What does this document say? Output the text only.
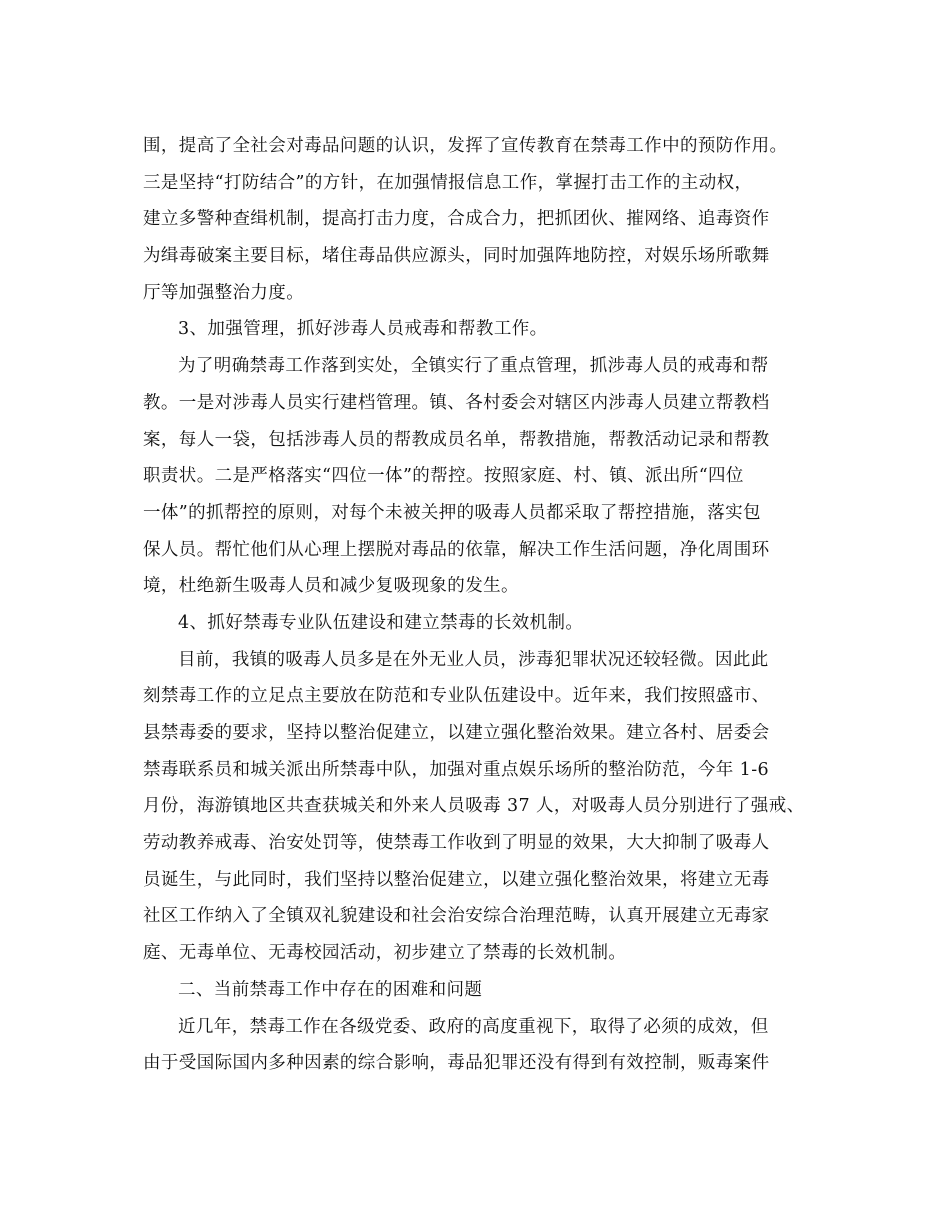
围，提高了全社会对毒品问题的认识，发挥了宣传教育在禁毒工作中的预防作用。
三是坚持“打防结合”的方针，在加强情报信息工作，掌握打击工作的主动权，
建立多警种查缉机制，提高打击力度，合成合力，把抓团伙、摧网络、追毒资作
为缉毒破案主要目标，堵住毒品供应源头，同时加强阵地防控，对娱乐场所歌舞
厅等加强整治力度。
3、加强管理，抓好涉毒人员戒毒和帮教工作。
为了明确禁毒工作落到实处，全镇实行了重点管理，抓涉毒人员的戒毒和帮
教。一是对涉毒人员实行建档管理。镇、各村委会对辖区内涉毒人员建立帮教档
案，每人一袋，包括涉毒人员的帮教成员名单，帮教措施，帮教活动记录和帮教
职责状。二是严格落实“四位一体”的帮控。按照家庭、村、镇、派出所“四位
一体”的抓帮控的原则，对每个未被关押的吸毒人员都采取了帮控措施，落实包
保人员。帮忙他们从心理上摆脱对毒品的依靠，解决工作生活问题，净化周围环
境，杜绝新生吸毒人员和减少复吸现象的发生。
4、抓好禁毒专业队伍建设和建立禁毒的长效机制。
目前，我镇的吸毒人员多是在外无业人员，涉毒犯罪状况还较轻微。因此此
刻禁毒工作的立足点主要放在防范和专业队伍建设中。近年来，我们按照盛市、
县禁毒委的要求，坚持以整治促建立，以建立强化整治效果。建立各村、居委会
禁毒联系员和城关派出所禁毒中队，加强对重点娱乐场所的整治防范，今年 1-6
月份，海游镇地区共查获城关和外来人员吸毒 37 人，对吸毒人员分别进行了强戒、
劳动教养戒毒、治安处罚等，使禁毒工作收到了明显的效果，大大抑制了吸毒人
员诞生，与此同时，我们坚持以整治促建立，以建立强化整治效果，将建立无毒
社区工作纳入了全镇双礼貌建设和社会治安综合治理范畴，认真开展建立无毒家
庭、无毒单位、无毒校园活动，初步建立了禁毒的长效机制。
二、当前禁毒工作中存在的困难和问题
近几年，禁毒工作在各级党委、政府的高度重视下，取得了必须的成效，但
由于受国际国内多种因素的综合影响，毒品犯罪还没有得到有效控制，贩毒案件
